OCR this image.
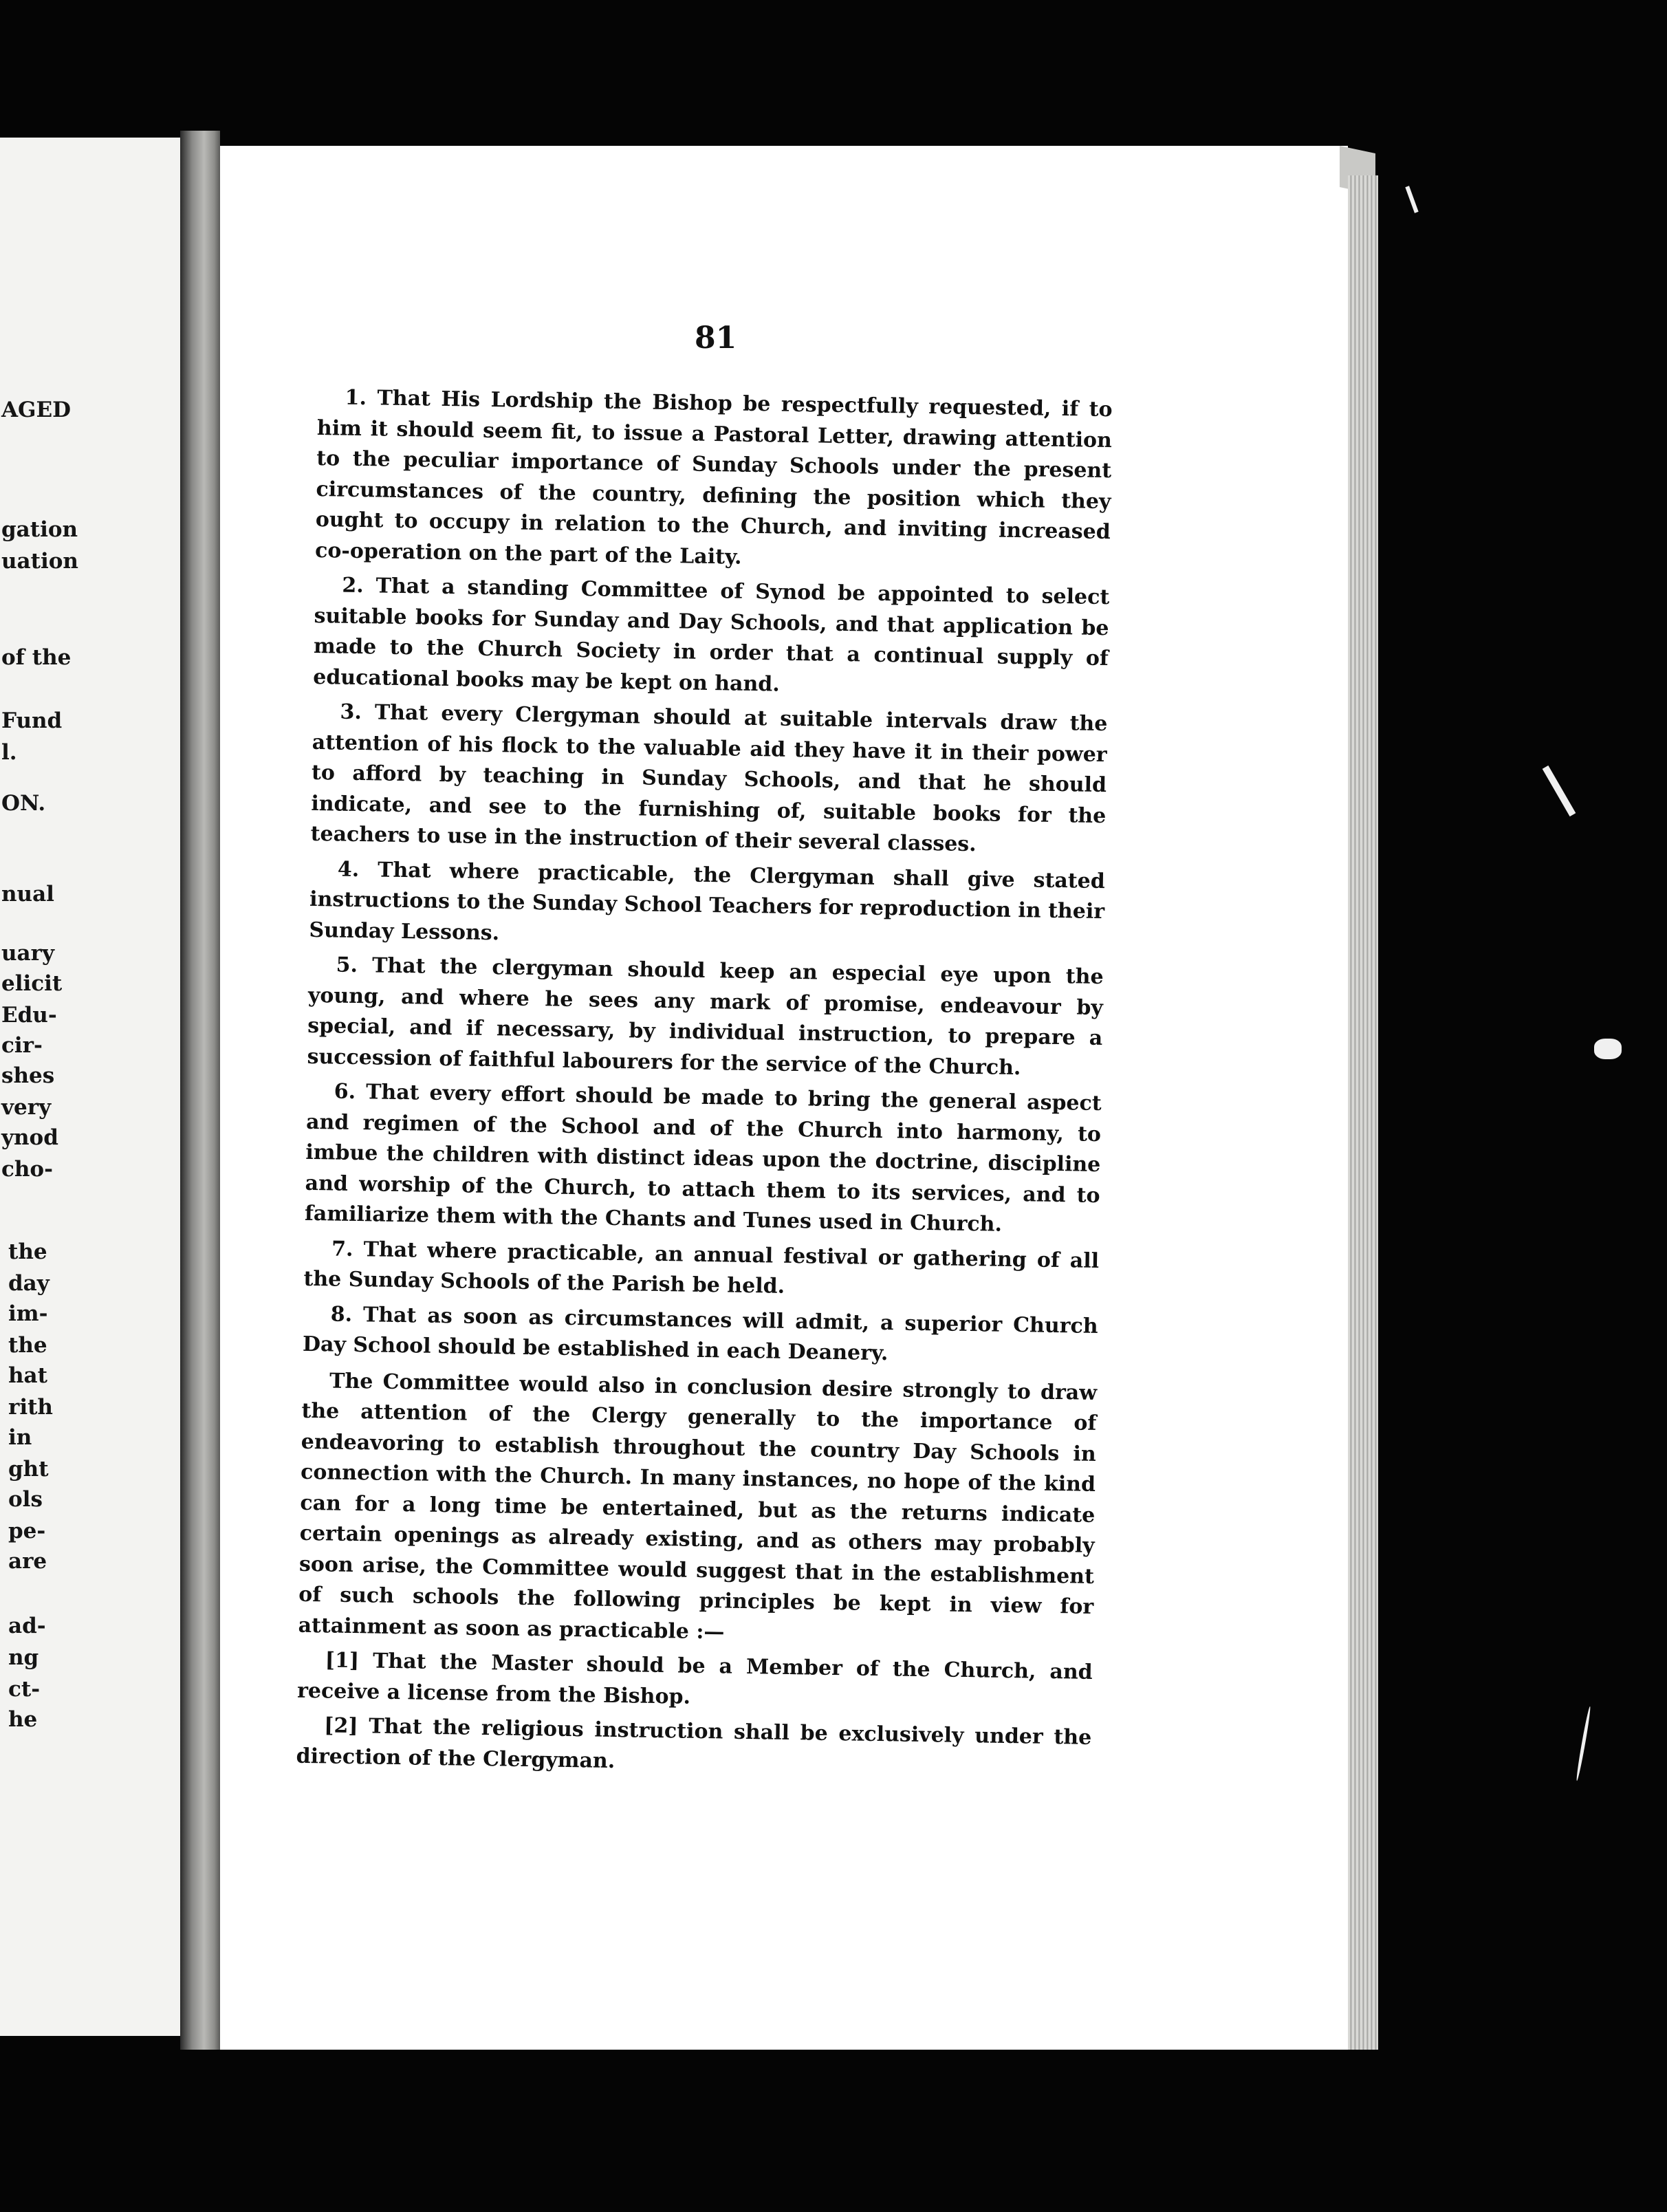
AGED
gation
uation
of the
Fund
l.
ON.
nual
uary
elicit
Edu-
cir-
shes
very
ynod
cho-
the
day
im-
the
hat
rith
in
ght
ols
pe-
are
ad-
ng
ct-
he
81

1. That His Lordship the Bishop be respectfully requested, if to him it should seem fit, to issue a Pastoral Letter, drawing attention to the peculiar importance of Sunday Schools under the present circumstances of the country, defining the position which they ought to occupy in relation to the Church, and inviting increased co-operation on the part of the Laity.

2. That a standing Committee of Synod be appointed to select suitable books for Sunday and Day Schools, and that application be made to the Church Society in order that a continual supply of educational books may be kept on hand.

3. That every Clergyman should at suitable intervals draw the attention of his flock to the valuable aid they have it in their power to afford by teaching in Sunday Schools, and that he should indicate, and see to the furnishing of, suitable books for the teachers to use in the instruction of their several classes.

4. That where practicable, the Clergyman shall give stated instructions to the Sunday School Teachers for reproduction in their Sunday Lessons.

5. That the clergyman should keep an especial eye upon the young, and where he sees any mark of promise, endeavour by special, and if necessary, by individual instruction, to prepare a succession of faithful labourers for the service of the Church.

6. That every effort should be made to bring the general aspect and regimen of the School and of the Church into harmony, to imbue the children with distinct ideas upon the doctrine, discipline and worship of the Church, to attach them to its services, and to familiarize them with the Chants and Tunes used in Church.

7. That where practicable, an annual festival or gathering of all the Sunday Schools of the Parish be held.

8. That as soon as circumstances will admit, a superior Church Day School should be established in each Deanery.

The Committee would also in conclusion desire strongly to draw the attention of the Clergy generally to the importance of endeavoring to establish throughout the country Day Schools in connection with the Church. In many instances, no hope of the kind can for a long time be entertained, but as the returns indicate certain openings as already existing, and as others may probably soon arise, the Committee would suggest that in the establishment of such schools the following principles be kept in view for attainment as soon as practicable :—

[1] That the Master should be a Member of the Church, and receive a license from the Bishop.

[2] That the religious instruction shall be exclusively under the direction of the Clergyman.
